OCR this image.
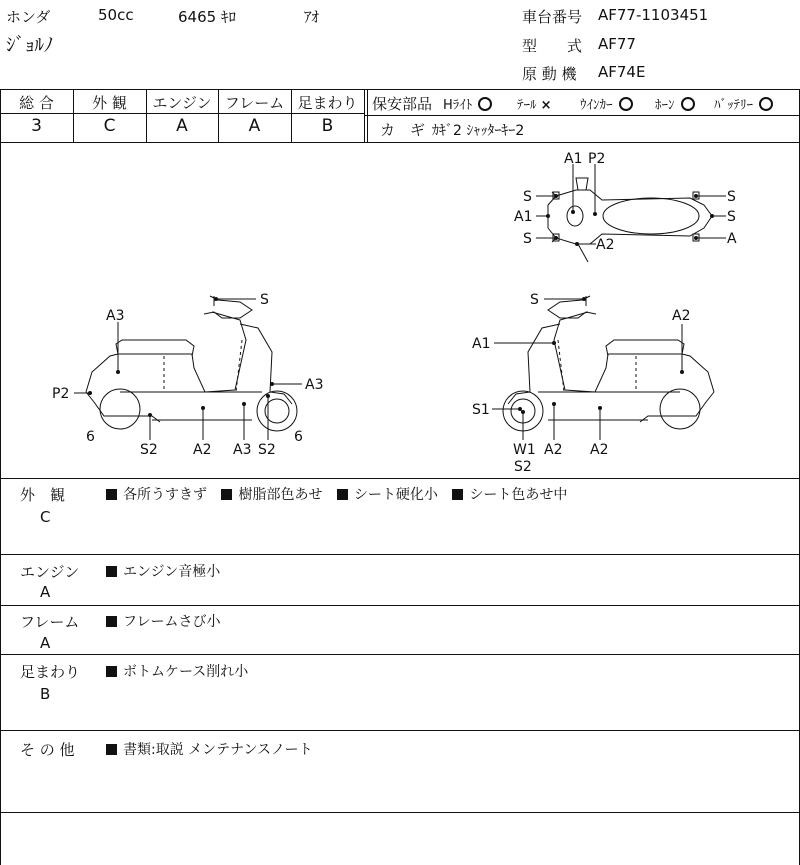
ホンダ	50cc	6465 ｷﾛ	ｱｵ
ｼﾞｮﾙﾉ
車台番号 AF77-1103451
型　　式 AF77
原 動 機 AF74E
総 合	外 観	エンジン フレーム 足まわり
3	C	A	A	B
保安部品 Hﾗｲﾄ	ﾃｰﾙ × ｳｲﾝｶｰ	ﾎｰﾝ	ﾊﾞｯﾃﾘｰ
カ　ギ ｶｷﾞ2 ｼｬｯﾀｰｷｰ2
A1 P2
S
A1
S	A2
S
S
A
S
A3
P2
A3
6
S2	A2 A3 S2
6
S
A2
A1
S1
W1
S2
A2 A2
外　観
C
各所うすきず 樹脂部色あせ シート硬化小 シート色あせ中
エンジン
A
エンジン音極小
フレーム
A
フレームさび小
足まわり
B
ボトムケース削れ小
そ の 他	書類:取説 メンテナンスノート
